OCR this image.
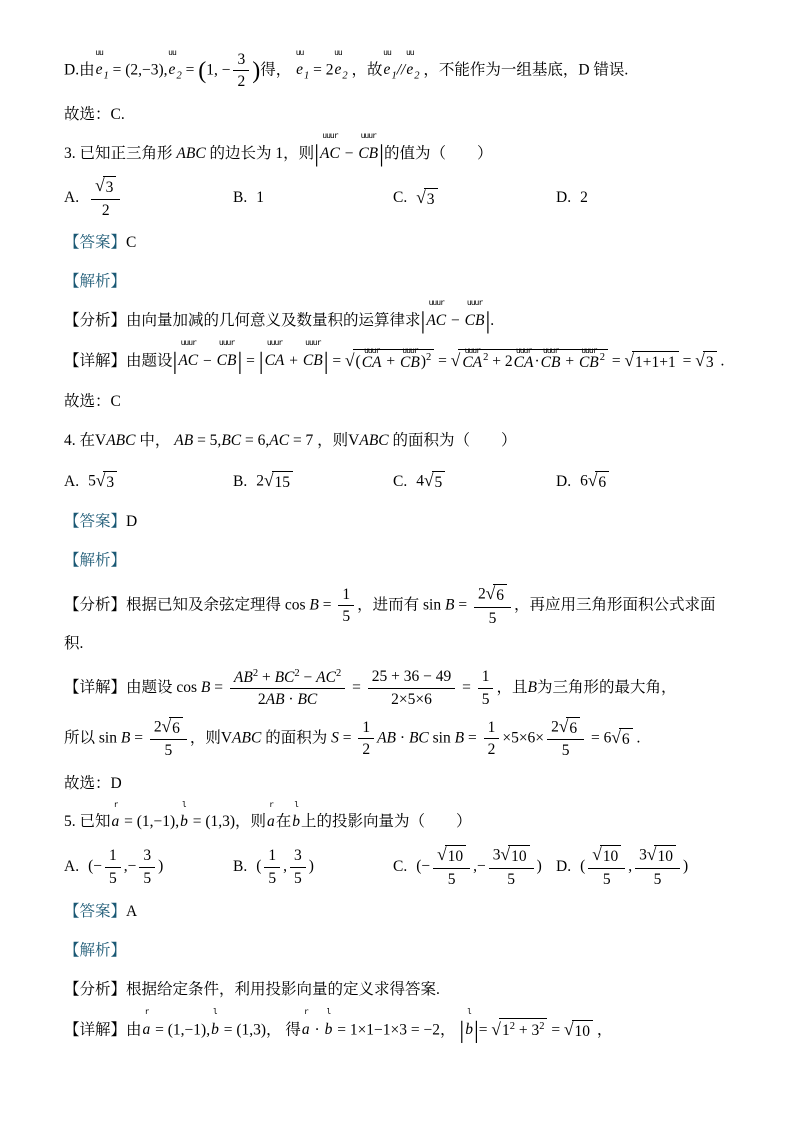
D.由
uu
$e_1 = (2,-3)$,
uu
$e_2 = (1$, − $\frac{3}{2}$ )得，
uu
$e_1 = 2$
uu
$e_2$ ，故
uu
$e_1//$
uu
$e_2$ ，不能作为一组基底，D 错误.
故选：C.
3. 已知正三角形 ABC 的边长为 1，则|
uuur
AC −
uuur
CB|的值为（　　）
A. $\frac{√3}{2}$	B. 1	C. √3	D. 2
【答案】C
【解析】
【分析】由向量加减的几何意义及数量积的运算律求|
uuur
AC −
uuur
CB|.
【详解】由题设|
uuur
AC −
uuur
CB| = |
uuur
CA +
uuur
CB| = √(
uuur
CA +
uuur
CB)$^2$ = √
uuur
$CA^2 + 2$
uuur
CA·
uuur
CB +
uuur
$CB^2 = √1+1+1 = √3$ .
故选：C
4. 在VABC 中， AB = 5,BC = 6,AC = 7 ，则VABC 的面积为（　　）
A. 5√3	B. 2√15	C. 4√5	D. 6√6
【答案】D
【解析】
【分析】根据已知及余弦定理得 $\cos B = \frac{1}{5}$ ，进而有 $\sin B = \frac{2√6}{5}$ ，再应用三角形面积公式求面积.
【详解】由题设 $\cos B = \frac{AB^2 + BC^2 - AC^2}{2AB \cdot BC} = \frac{25 + 36 - 49}{2\times 5\times 6} = \frac{1}{5}$ ，且B为三角形的最大角，
所以 $\sin B = \frac{2√6}{5}$ ，则VABC 的面积为 $S = \frac{1}{2}$ AB · BC $\sin B = \frac{1}{2} \times 5\times 6\times \frac{2√6}{5} = 6√6$ .
故选：D
5. 已知
r
a = (1,−1),
l
b = (1,3)，则
r
a在
l
b上的投影向量为（　　）
A. (− $\frac{1}{5}$ ,− $\frac{3}{5}$ )	B. ( $\frac{1}{5}$ , $\frac{3}{5}$ )	C. (− $\frac{√10}{5}$ ,− $\frac{3√10}{5}$ ) D. ( $\frac{√10}{5}$ , $\frac{3√10}{5}$ )
【答案】A
【解析】
【分析】根据给定条件，利用投影向量的定义求得答案.
【详解】由
r
a = (1,−1),
l
b = (1,3)， 得
r
a ·
l
b = 1×1−1×3 = −2， |
l
$b|= √1^2 + 3^2 = √10$ ，
